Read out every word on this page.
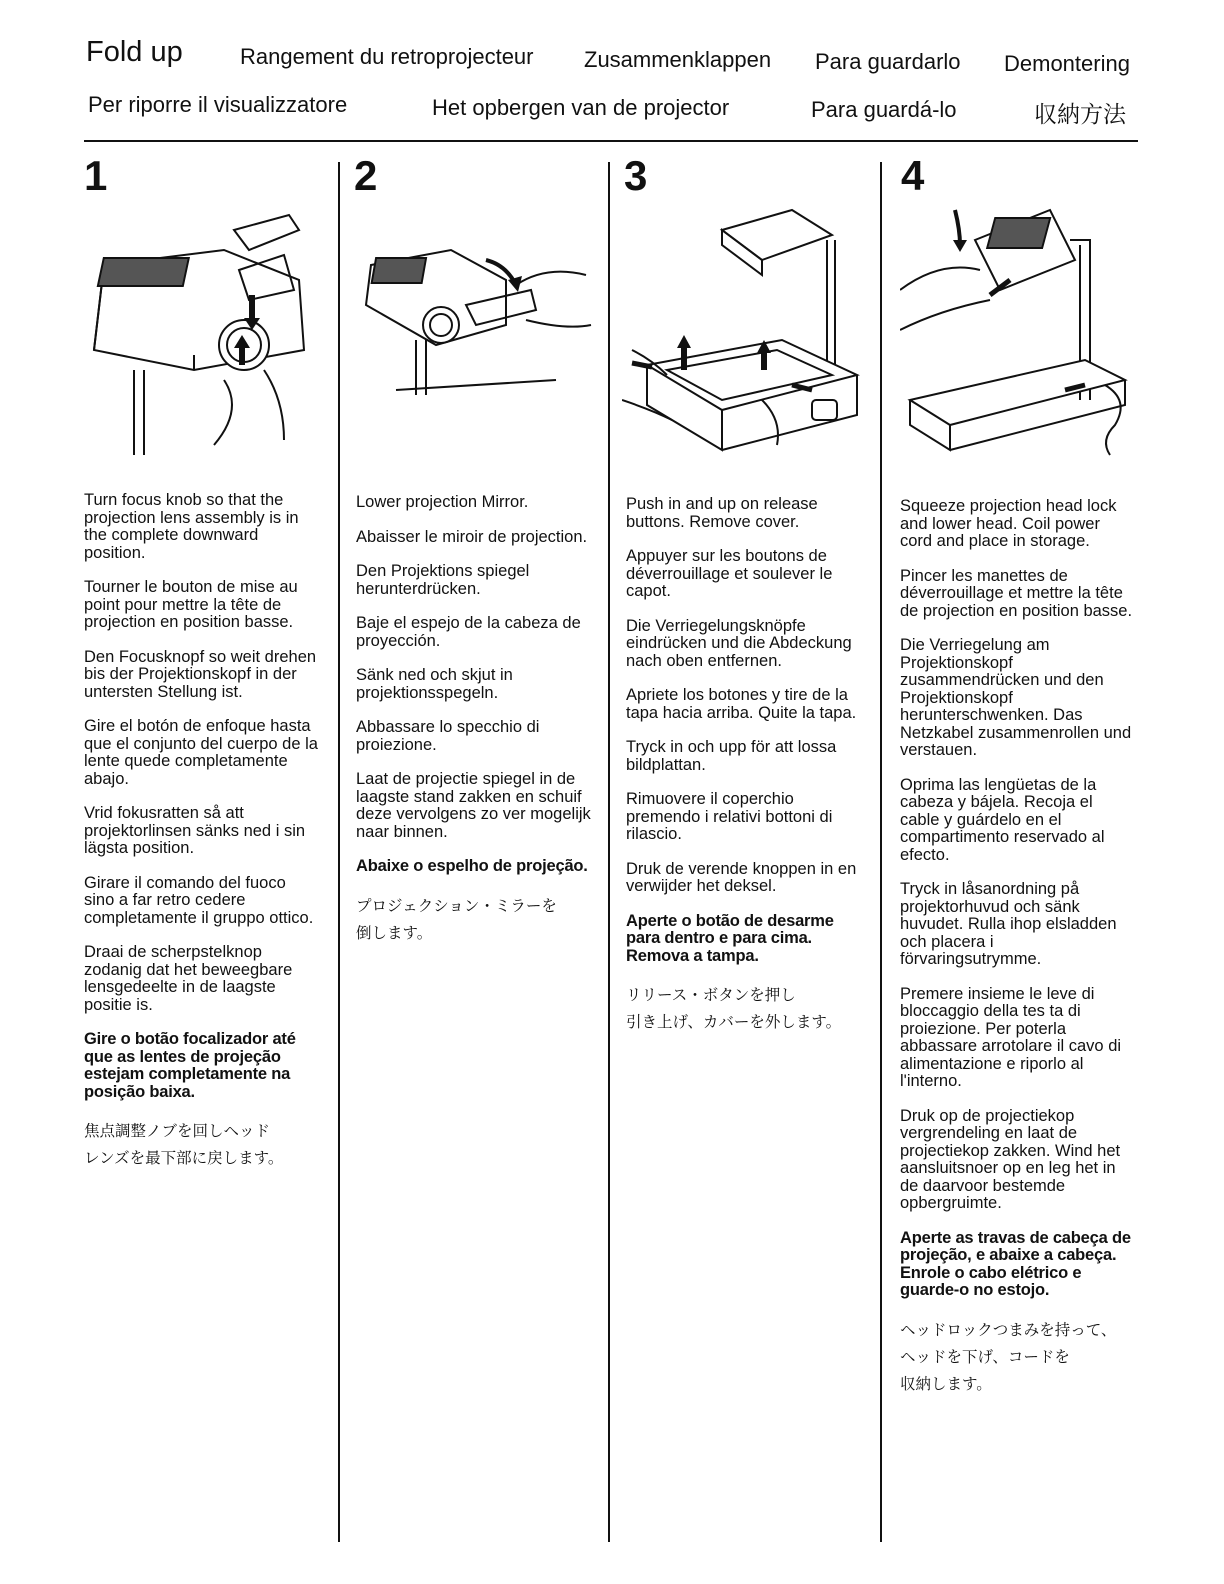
Fold up	Rangement du retroprojecteur Zusammenklappen Para guardarlo Demontering
Per riporre il visualizzatore	Het opbergen van de projector	Para guardá-lo	収納方法
1	2	3	4

Turn focus knob so that the projection lens assembly is in the complete downward position.

Tourner le bouton de mise au point pour mettre la tête de projection en position basse.

Den Focusknopf so weit drehen bis der Projektionskopf in der untersten Stellung ist.

Gire el botón de enfoque hasta que el conjunto del cuerpo de la lente quede completamente abajo.

Vrid fokusratten så att projektorlinsen sänks ned i sin lägsta position.

Girare il comando del fuoco sino a far retro cedere completamente il gruppo ottico.

Draai de scherpstelknop zodanig dat het beweegbare lensgedeelte in de laagste positie is.

Gire o botão focalizador até que as lentes de projeção estejam completamente na posição baixa.

焦点調整ノブを回しヘッド
レンズを最下部に戻します。

Lower projection Mirror.

Abaisser le miroir de projection.

Den Projektions spiegel herunterdrücken.

Baje el espejo de la cabeza de proyección.

Sänk ned och skjut in projektionsspegeln.

Abbassare lo specchio di proiezione.

Laat de projectie spiegel in de laagste stand zakken en schuif deze vervolgens zo ver mogelijk naar binnen.

Abaixe o espelho de projeção.

プロジェクション・ミラーを
倒します。

Push in and up on release buttons. Remove cover.

Appuyer sur les boutons de déverrouillage et soulever le capot.

Die Verriegelungsknöpfe eindrücken und die Abdeckung nach oben entfernen.

Apriete los botones y tire de la tapa hacia arriba. Quite la tapa.

Tryck in och upp för att lossa bildplattan.

Rimuovere il coperchio premendo i relativi bottoni di rilascio.

Druk de verende knoppen in en verwijder het deksel.

Aperte o botão de desarme para dentro e para cima. Remova a tampa.

リリース・ボタンを押し
引き上げ、カバーを外します。

Squeeze projection head lock and lower head. Coil power cord and place in storage.

Pincer les manettes de déverrouillage et mettre la tête de projection en position basse.

Die Verriegelung am Projektionskopf zusammendrücken und den Projektionskopf herunterschwenken. Das Netzkabel zusammenrollen und verstauen.

Oprima las lengüetas de la cabeza y bájela. Recoja el cable y guárdelo en el compartimento reservado al efecto.

Tryck in låsanordning på projektorhuvud och sänk huvudet. Rulla ihop elsladden och placera i förvaringsutrymme.

Premere insieme le leve di bloccaggio della tes ta di proiezione. Per poterla abbassare arrotolare il cavo di alimentazione e riporlo al l'interno.

Druk op de projectiekop vergrendeling en laat de projectiekop zakken. Wind het aansluitsnoer op en leg het in de daarvoor bestemde opbergruimte.

Aperte as travas de cabeça de projeção, e abaixe a cabeça. Enrole o cabo elétrico e guarde-o no estojo.

ヘッドロックつまみを持って、
ヘッドを下げ、コードを
収納します。
